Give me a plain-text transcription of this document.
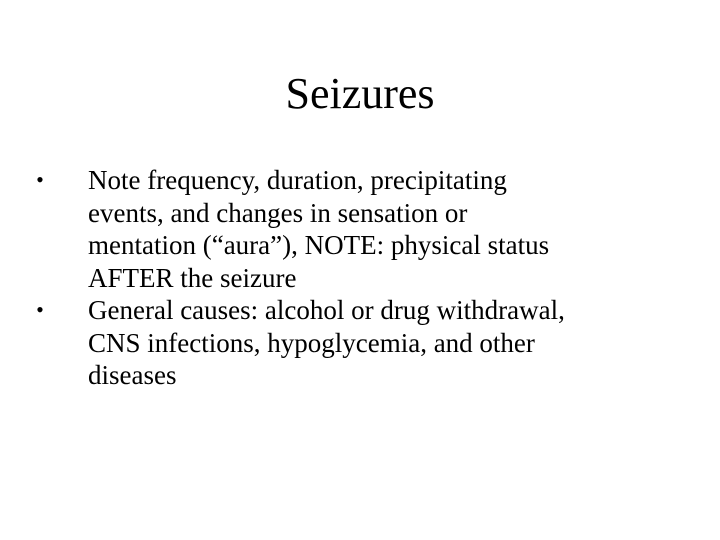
Seizures
• Note frequency, duration, precipitating
events, and changes in sensation or
mentation (“aura”), NOTE: physical status
AFTER the seizure
• General causes: alcohol or drug withdrawal,
CNS infections, hypoglycemia, and other
diseases
